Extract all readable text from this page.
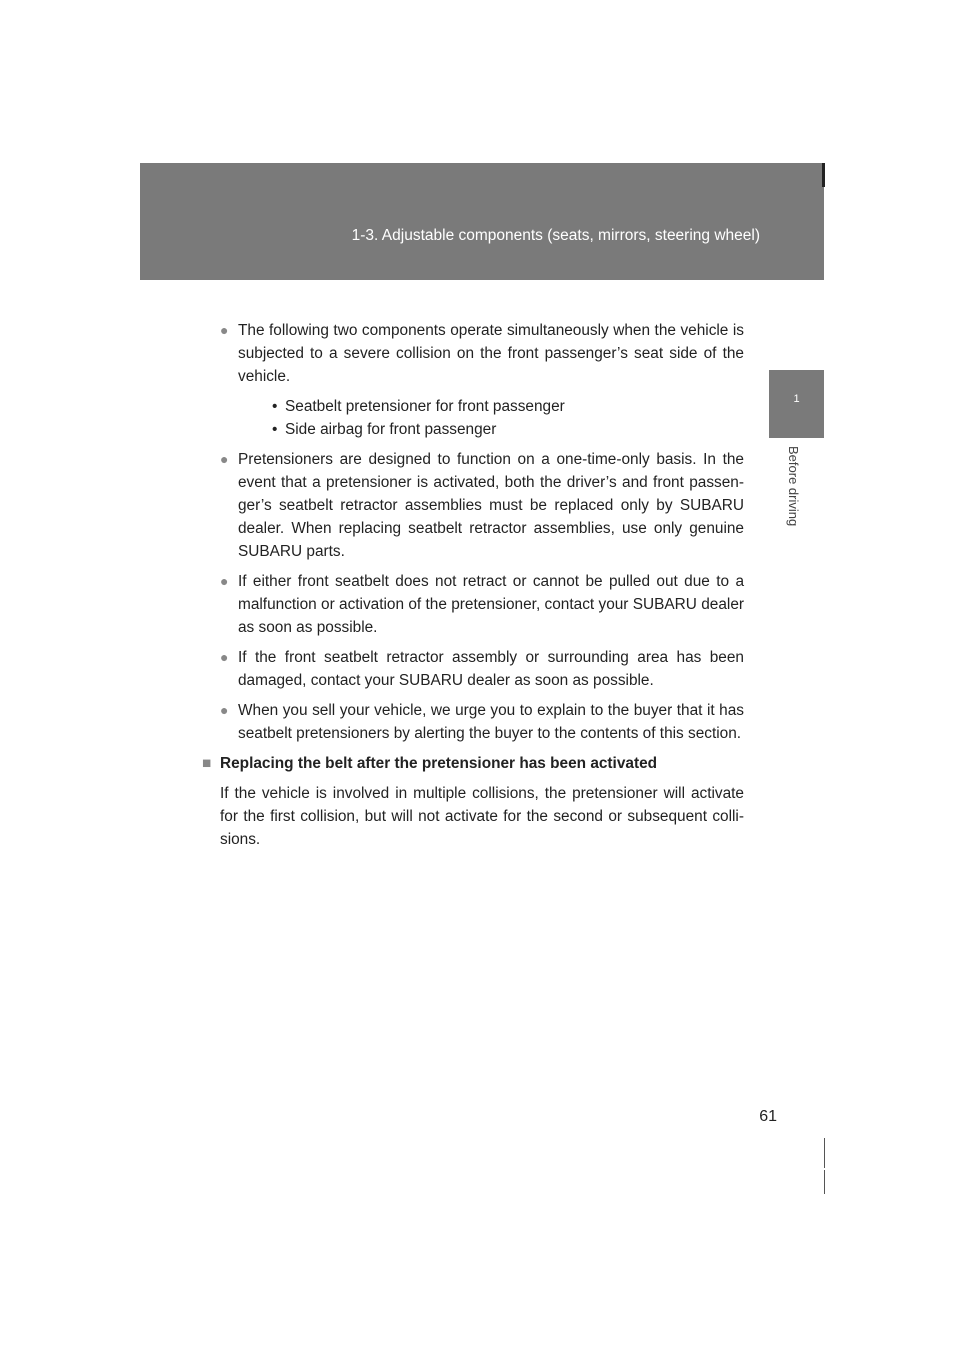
1-3. Adjustable components (seats, mirrors, steering wheel)
1
Before driving
● The following two components operate simultaneously when the vehicle is subjected to a severe collision on the front passenger’s seat side of the vehicle.
• Seatbelt pretensioner for front passenger
• Side airbag for front passenger
● Pretensioners are designed to function on a one-time-only basis. In the event that a pretensioner is activated, both the driver’s and front passenger’s seatbelt retractor assemblies must be replaced only by SUBARU dealer. When replacing seatbelt retractor assemblies, use only genuine SUBARU parts.
● If either front seatbelt does not retract or cannot be pulled out due to a malfunction or activation of the pretensioner, contact your SUBARU dealer as soon as possible.
● If the front seatbelt retractor assembly or surrounding area has been damaged, contact your SUBARU dealer as soon as possible.
● When you sell your vehicle, we urge you to explain to the buyer that it has seatbelt pretensioners by alerting the buyer to the contents of this section.
■ Replacing the belt after the pretensioner has been activated
If the vehicle is involved in multiple collisions, the pretensioner will activate for the first collision, but will not activate for the second or subsequent collisions.
61
